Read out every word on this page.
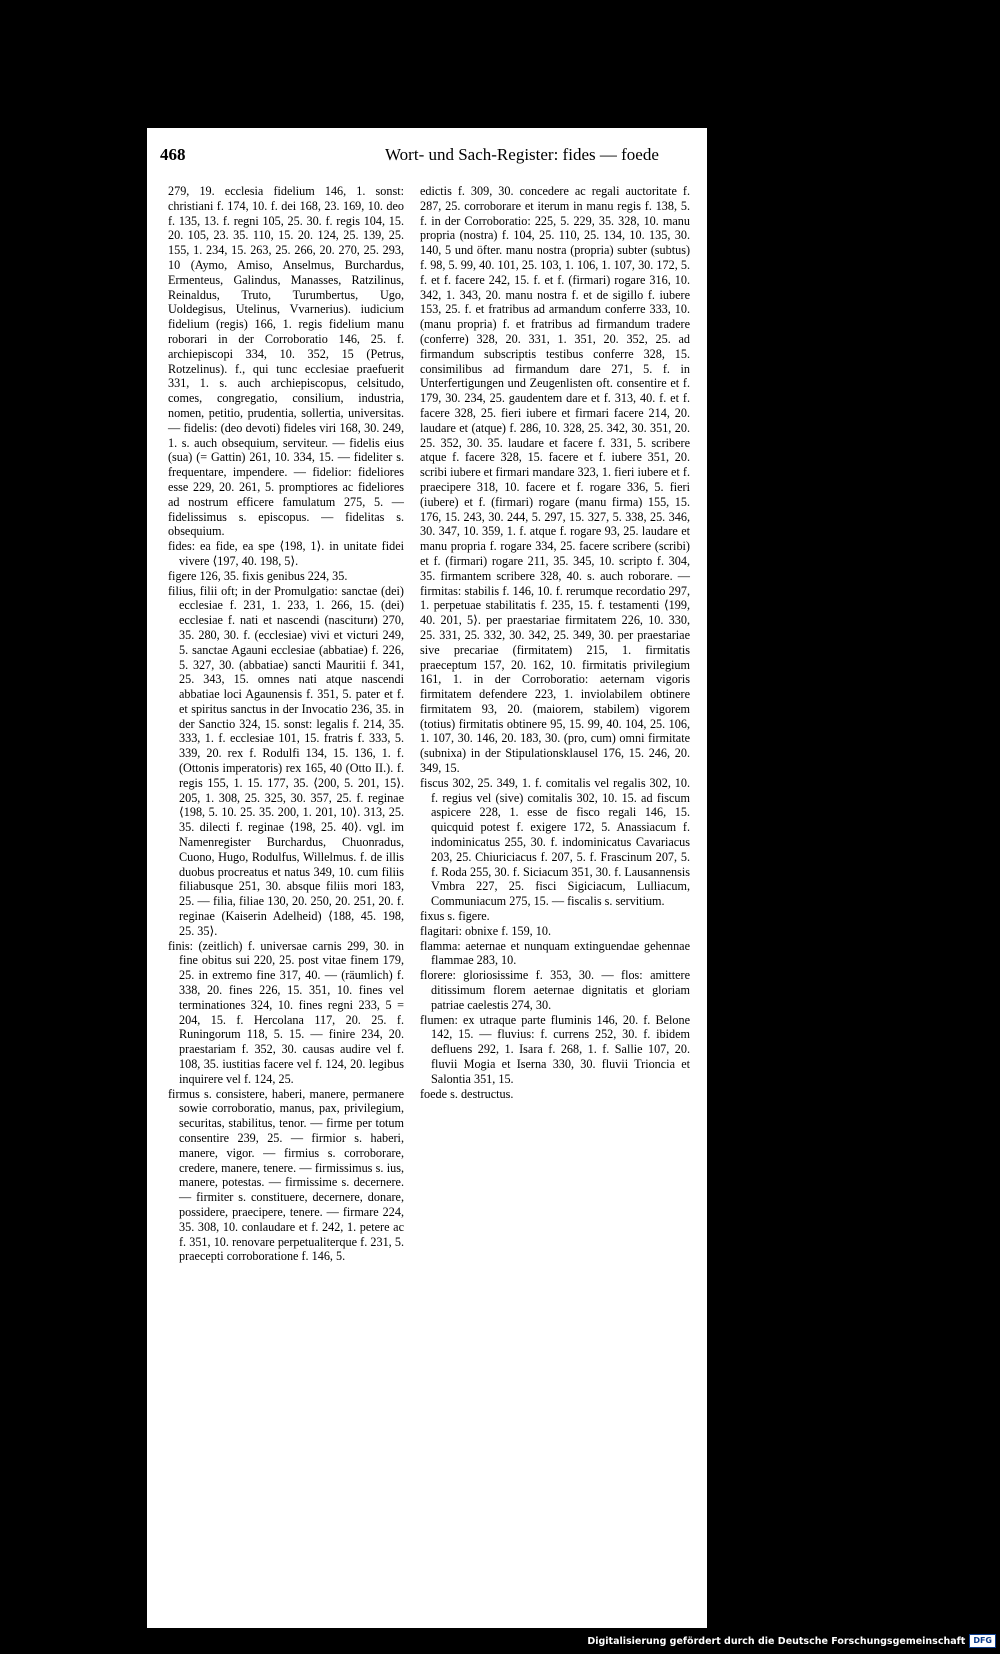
468	Wort- und Sach-Register: fides — foede

279, 19. ecclesia fidelium 146, 1. sonst: christiani f. 174, 10. f. dei 168, 23. 169, 10. deo f. 135, 13. f. regni 105, 25. 30. f. regis 104, 15. 20. 105, 23. 35. 110, 15. 20. 124, 25. 139, 25. 155, 1. 234, 15. 263, 25. 266, 20. 270, 25. 293, 10 (Aymo, Amiso, Anselmus, Burchardus, Ermenteus, Galindus, Manasses, Ratzilinus, Reinaldus, Truto, Turumbertus, Ugo, Uoldegisus, Utelinus, Vvarnerius). iudicium fidelium (regis) 166, 1. regis fidelium manu roborari in der Corroboratio 146, 25. f. archiepiscopi 334, 10. 352, 15 (Petrus, Rotzelinus). f., qui tunc ecclesiae praefuerit 331, 1. s. auch archiepiscopus, celsitudo, comes, congregatio, consilium, industria, nomen, petitio, prudentia, sollertia, universitas. — fidelis: (deo devoti) fideles viri 168, 30. 249, 1. s. auch obsequium, serviteur. — fidelis eius (sua) (= Gattin) 261, 10. 334, 15. — fideliter s. frequentare, impendere. — fidelior: fideliores esse 229, 20. 261, 5. promptiores ac fideliores ad nostrum efficere famulatum 275, 5. — fidelissimus s. episcopus. — fidelitas s. obsequium.

fides: ea fide, ea spe ⟨198, 1⟩. in unitate fidei vivere ⟨197, 40. 198, 5⟩.

figere 126, 35. fixis genibus 224, 35.

filius, filii oft; in der Promulgatio: sanctae (dei) ecclesiae f. 231, 1. 233, 1. 266, 15. (dei) ecclesiae f. nati et nascendi (nasciturи) 270, 35. 280, 30. f. (ecclesiae) vivi et victuri 249, 5. sanctae Agauni ecclesiae (abbatiae) f. 226, 5. 327, 30. (abbatiae) sancti Mauritii f. 341, 25. 343, 15. omnes nati atque nascendi abbatiae loci Agaunensis f. 351, 5. pater et f. et spiritus sanctus in der Invocatio 236, 35. in der Sanctio 324, 15. sonst: legalis f. 214, 35. 333, 1. f. ecclesiae 101, 15. fratris f. 333, 5. 339, 20. rex f. Rodulfi 134, 15. 136, 1. f. (Ottonis imperatoris) rex 165, 40 (Otto II.). f. regis 155, 1. 15. 177, 35. ⟨200, 5. 201, 15⟩. 205, 1. 308, 25. 325, 30. 357, 25. f. reginae ⟨198, 5. 10. 25. 35. 200, 1. 201, 10⟩. 313, 25. 35. dilecti f. reginae ⟨198, 25. 40⟩. vgl. im Namenregister Burchardus, Chuonradus, Cuono, Hugo, Rodulfus, Willelmus. f. de illis duobus procreatus et natus 349, 10. cum filiis filiabusque 251, 30. absque filiis mori 183, 25. — filia, filiae 130, 20. 250, 20. 251, 20. f. reginae (Kaiserin Adelheid) ⟨188, 45. 198, 25. 35⟩.

finis: (zeitlich) f. universae carnis 299, 30. in fine obitus sui 220, 25. post vitae finem 179, 25. in extremo fine 317, 40. — (räumlich) f. 338, 20. fines 226, 15. 351, 10. fines vel terminationes 324, 10. fines regni 233, 5 = 204, 15. f. Hercolana 117, 20. 25. f. Runingorum 118, 5. 15. — finire 234, 20. praestariam f. 352, 30. causas audire vel f. 108, 35. iustitias facere vel f. 124, 20. legibus inquirere vel f. 124, 25.

firmus s. consistere, haberi, manere, permanere sowie corroboratio, manus, pax, privilegium, securitas, stabilitus, tenor. — firme per totum consentire 239, 25. — firmior s. haberi, manere, vigor. — firmius s. corroborare, credere, manere, tenere. — firmissimus s. ius, manere, potestas. — firmissime s. decernere. — firmiter s. constituere, decernere, donare, possidere, praecipere, tenere. — firmare 224, 35. 308, 10. conlaudare et f. 242, 1. petere ac f. 351, 10. renovare perpetualiterque f. 231, 5. praecepti corroboratione f. 146, 5.

edictis f. 309, 30. concedere ac regali auctoritate f. 287, 25. corroborare et iterum in manu regis f. 138, 5. f. in der Corroboratio: 225, 5. 229, 35. 328, 10. manu propria (nostra) f. 104, 25. 110, 25. 134, 10. 135, 30. 140, 5 und öfter. manu nostra (propria) subter (subtus) f. 98, 5. 99, 40. 101, 25. 103, 1. 106, 1. 107, 30. 172, 5. f. et f. facere 242, 15. f. et f. (firmari) rogare 316, 10. 342, 1. 343, 20. manu nostra f. et de sigillo f. iubere 153, 25. f. et fratribus ad armandum conferre 333, 10. (manu propria) f. et fratribus ad firmandum tradere (conferre) 328, 20. 331, 1. 351, 20. 352, 25. ad firmandum subscriptis testibus conferre 328, 15. consimilibus ad firmandum dare 271, 5. f. in Unterfertigungen und Zeugenlisten oft. consentire et f. 179, 30. 234, 25. gaudentem dare et f. 313, 40. f. et f. facere 328, 25. fieri iubere et firmari facere 214, 20. laudare et (atque) f. 286, 10. 328, 25. 342, 30. 351, 20. 25. 352, 30. 35. laudare et facere f. 331, 5. scribere atque f. facere 328, 15. facere et f. iubere 351, 20. scribi iubere et firmari mandare 323, 1. fieri iubere et f. praecipere 318, 10. facere et f. rogare 336, 5. fieri (iubere) et f. (firmari) rogare (manu firma) 155, 15. 176, 15. 243, 30. 244, 5. 297, 15. 327, 5. 338, 25. 346, 30. 347, 10. 359, 1. f. atque f. rogare 93, 25. laudare et manu propria f. rogare 334, 25. facere scribere (scribi) et f. (firmari) rogare 211, 35. 345, 10. scripto f. 304, 35. firmantem scribere 328, 40. s. auch roborare. — firmitas: stabilis f. 146, 10. f. rerumque recordatio 297, 1. perpetuae stabilitatis f. 235, 15. f. testamenti ⟨199, 40. 201, 5⟩. per praestariae firmitatem 226, 10. 330, 25. 331, 25. 332, 30. 342, 25. 349, 30. per praestariae sive precariae (firmitatem) 215, 1. firmitatis praeceptum 157, 20. 162, 10. firmitatis privilegium 161, 1. in der Corroboratio: aeternam vigoris firmitatem defendere 223, 1. inviolabilem obtinere firmitatem 93, 20. (maiorem, stabilem) vigorem (totius) firmitatis obtinere 95, 15. 99, 40. 104, 25. 106, 1. 107, 30. 146, 20. 183, 30. (pro, cum) omni firmitate (subnixa) in der Stipulationsklausel 176, 15. 246, 20. 349, 15.

fiscus 302, 25. 349, 1. f. comitalis vel regalis 302, 10. f. regius vel (sive) comitalis 302, 10. 15. ad fiscum aspicere 228, 1. esse de fisco regali 146, 15. quicquid potest f. exigere 172, 5. Anassiacum f. indominicatus 255, 30. f. indominicatus Cavariacus 203, 25. Chiuriciacus f. 207, 5. f. Frascinum 207, 5. f. Roda 255, 30. f. Siciacum 351, 30. f. Lausannensis Vmbra 227, 25. fisci Sigiciacum, Lulliacum, Communiacum 275, 15. — fiscalis s. servitium.

fixus s. figere.

flagitari: obnixe f. 159, 10.

flamma: aeternae et nunquam extinguendae gehennae flammae 283, 10.

florere: gloriosissime f. 353, 30. — flos: amittere ditissimum florem aeternae dignitatis et gloriam patriae caelestis 274, 30.

flumen: ex utraque parte fluminis 146, 20. f. Belone 142, 15. — fluvius: f. currens 252, 30. f. ibidem defluens 292, 1. Isara f. 268, 1. f. Sallie 107, 20. fluvii Mogia et Iserna 330, 30. fluvii Trioncia et Salontia 351, 15.

foede s. destructus.

Digitalisierung gefördert durch die Deutsche Forschungsgemeinschaft	DFG
